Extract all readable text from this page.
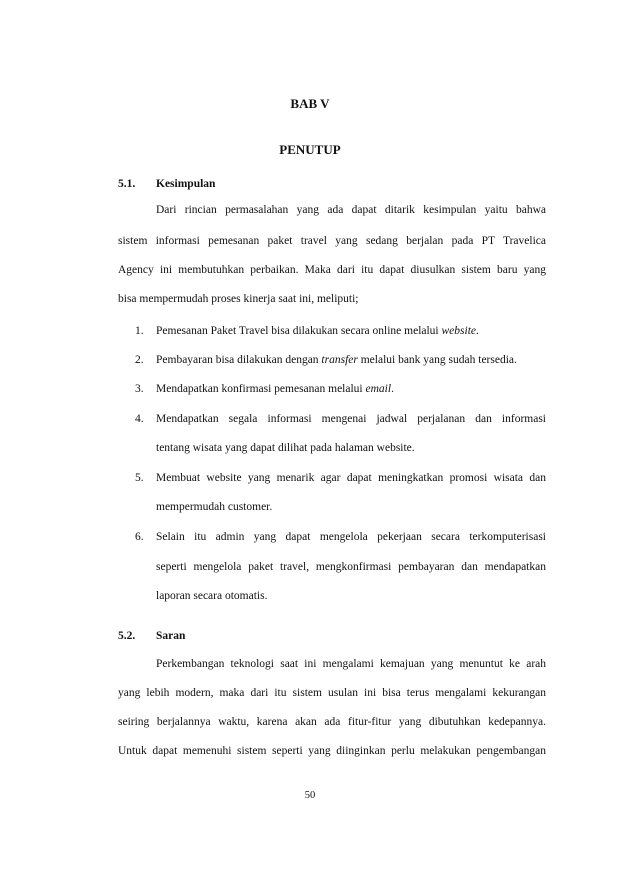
BAB V
PENUTUP
5.1. Kesimpulan
Dari rincian permasalahan yang ada dapat ditarik kesimpulan yaitu bahwa
sistem informasi pemesanan paket travel yang sedang berjalan pada PT Travelica
Agency ini membutuhkan perbaikan. Maka dari itu dapat diusulkan sistem baru yang
bisa mempermudah proses kinerja saat ini, meliputi;
1. Pemesanan Paket Travel bisa dilakukan secara online melalui website.
2. Pembayaran bisa dilakukan dengan transfer melalui bank yang sudah tersedia.
3. Mendapatkan konfirmasi pemesanan melalui email.
4. Mendapatkan segala informasi mengenai jadwal perjalanan dan informasi
tentang wisata yang dapat dilihat pada halaman website.
5. Membuat website yang menarik agar dapat meningkatkan promosi wisata dan
mempermudah customer.
6. Selain itu admin yang dapat mengelola pekerjaan secara terkomputerisasi
seperti mengelola paket travel, mengkonfirmasi pembayaran dan mendapatkan
laporan secara otomatis.
5.2. Saran
Perkembangan teknologi saat ini mengalami kemajuan yang menuntut ke arah
yang lebih modern, maka dari itu sistem usulan ini bisa terus mengalami kekurangan
seiring berjalannya waktu, karena akan ada fitur-fitur yang dibutuhkan kedepannya.
Untuk dapat memenuhi sistem seperti yang diinginkan perlu melakukan pengembangan
50
